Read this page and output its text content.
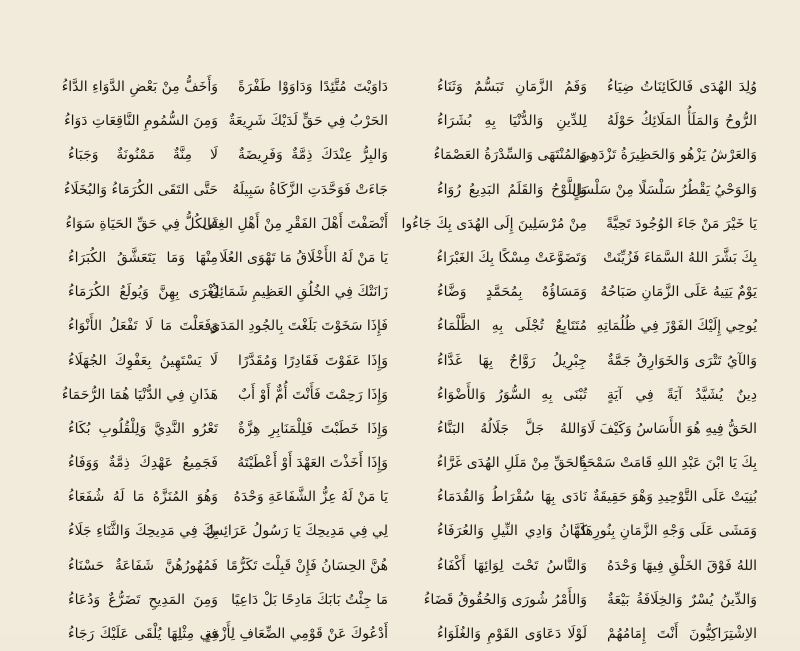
وُلِدَ الهُدَى فَالكَائِنَاتُ ضِيَاءُ
الرُّوحُ وَالمَلَأُ المَلَائِكُ حَوْلَهُ
وَالعَرْشُ يَزْهُو وَالحَظِيرَةُ تَزْدَهِي
وَالوَحْيُ يَقْطُرُ سَلْسَلًا مِنْ سَلْسَلٍ
يَا خَيْرَ مَنْ جَاءَ الوُجُودَ تَحِيَّةً
بِكَ بَشَّرَ اللهُ السَّمَاءَ فَزُيِّنَتْ
يَوْمٌ يَتِيهُ عَلَى الزَّمَانِ صَبَاحُهُ
يُوحِي إِلَيْكَ الفَوْزَ فِي ظُلُمَاتِهِ
وَالآيُ تَتْرَى وَالخَوَارِقُ جَمَّةٌ
دِينٌ يُشَيَّدُ آيَةً فِي آيَةٍ
الحَقُّ فِيهِ هُوَ الأَسَاسُ وَكَيْفَ لَا
بِكَ يَا ابْنَ عَبْدِ اللهِ قَامَتْ سَمْحَةٌ
بُنِيَتْ عَلَى التَّوْحِيدِ وَهْوَ حَقِيقَةٌ
وَمَشَى عَلَى وَجْهِ الزَّمَانِ بِنُورِهَا
اللهُ فَوْقَ الخَلْقِ فِيهَا وَحْدَهُ
وَالدِّينُ يُسْرٌ وَالخِلَافَةُ بَيْعَةٌ
الاِشْتِرَاكِيُّونَ أَنْتَ إِمَامُهُمْ
وَفَمُ الزَّمَانِ تَبَسُّمٌ وَثَنَاءُ
لِلدِّينِ وَالدُّنْيَا بِهِ بُشَرَاءُ
وَالمُنْتَهَى وَالسِّدْرَةُ العَصْمَاءُ
وَاللَّوْحُ وَالقَلَمُ البَدِيعُ رُوَاءُ
مِنْ مُرْسَلِينَ إِلَى الهُدَى بِكَ جَاءُوا
وَتَضَوَّعَتْ مِسْكًا بِكَ الغَبْرَاءُ
وَمَسَاؤُهُ بِمُحَمَّدٍ وَضَّاءُ
مُتَتَابِعٌ تُجْلَى بِهِ الظَّلْمَاءُ
جِبْرِيلُ رَوَّاحٌ بِهَا غَدَّاءُ
تُبْنَى بِهِ السُّوَرُ وَالأَضْوَاءُ
وَاللهُ جَلَّ جَلَالُهُ البَنَّاءُ
بِالحَقِّ مِنْ مَلَلِ الهُدَى غَرَّاءُ
نَادَى بِهَا سُقْرَاطُ وَالقُدَمَاءُ
كَهَّانُ وَادِي النِّيلِ وَالعُرَفَاءُ
وَالنَّاسُ تَحْتَ لِوَائِهَا أَكْفَاءُ
وَالأَمْرُ شُورَى وَالحُقُوقُ قَضَاءُ
لَوْلَا دَعَاوَى القَوْمِ وَالغُلَوَاءُ
دَاوَيْتَ مُتَّئِدًا وَدَاوَوْا طَفْرَةً
الحَرْبُ فِي حَقٍّ لَدَيْكَ شَرِيعَةٌ
وَالبِرُّ عِنْدَكَ ذِمَّةٌ وَفَرِيضَةٌ
جَاءَتْ فَوَحَّدَتِ الزَّكَاةُ سَبِيلَهُ
أَنْصَفْتَ أَهْلَ الفَقْرِ مِنْ أَهْلِ الغِنَى
يَا مَنْ لَهُ الأَخْلَاقُ مَا تَهْوَى العُلَا
زَانَتْكَ فِي الخُلُقِ العَظِيمِ شَمَائِلٌ
فَإِذَا سَخَوْتَ بَلَغْتَ بِالجُودِ المَدَى
وَإِذَا عَفَوْتَ فَقَادِرًا وَمُقَدَّرًا
وَإِذَا رَحِمْتَ فَأَنْتَ أُمٌّ أَوْ أَبٌ
وَإِذَا خَطَبْتَ فَلِلْمَنَابِرِ هِزَّةٌ
وَإِذَا أَخَذْتَ العَهْدَ أَوْ أَعْطَيْتَهُ
يَا مَنْ لَهُ عِزُّ الشَّفَاعَةِ وَحْدَهُ
لِي فِي مَدِيحِكَ يَا رَسُولُ عَرَائِسٌ
هُنَّ الحِسَانُ فَإِنْ قَبِلْتَ تَكَرُّمًا
مَا جِئْتُ بَابَكَ مَادِحًا بَلْ دَاعِيًا
أَدْعُوكَ عَنْ قَوْمِي الضِّعَافِ لِأَزْمَةٍ
وَأَخَفُّ مِنْ بَعْضِ الدَّوَاءِ الدَّاءُ
وَمِنَ السُّمُومِ النَّاقِعَاتِ دَوَاءُ
لَا مِنَّةٌ مَمْنُونَةٌ وَجَبَاءُ
حَتَّى التَقَى الكُرَمَاءُ وَالبُخَلَاءُ
فَالكُلُّ فِي حَقِّ الحَيَاةِ سَوَاءُ
مِنْهَا وَمَا يَتَعَشَّقُ الكُبَرَاءُ
يُغْرَى بِهِنَّ وَيُولَعُ الكُرَمَاءُ
وَفَعَلْتَ مَا لَا تَفْعَلُ الأَنْوَاءُ
لَا يَسْتَهِينُ بِعَفْوِكَ الجُهَلَاءُ
هَذَانِ فِي الدُّنْيَا هُمَا الرُّحَمَاءُ
تَعْرُو النَّدِيَّ وَلِلْقُلُوبِ بُكَاءُ
فَجَمِيعُ عَهْدِكَ ذِمَّةٌ وَوَفَاءُ
وَهُوَ المُنَزَّهُ مَا لَهُ شُفَعَاءُ
بِكَ فِي مَدِيحِكَ وَالثَّنَاءِ جَلَاءُ
فَمُهُورُهُنَّ شَفَاعَةٌ حَسْنَاءُ
وَمِنَ المَدِيحِ تَضَرُّعٌ وَدُعَاءُ
فِي مِثْلِهَا يُلْقَى عَلَيْكَ رَجَاءُ
